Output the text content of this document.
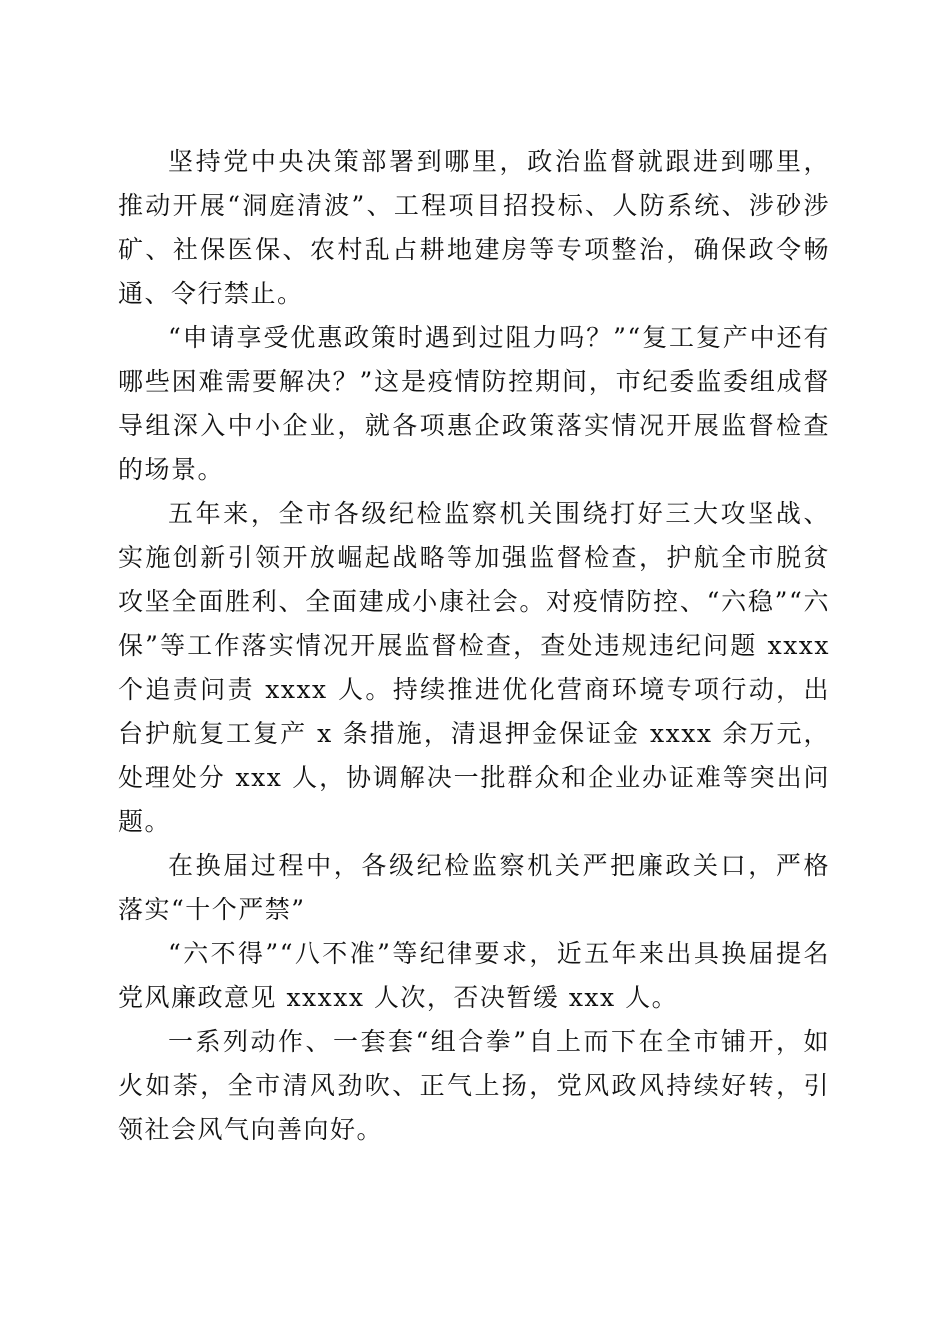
坚持党中央决策部署到哪里，政治监督就跟进到哪里，推动开展“洞庭清波”、工程项目招投标、人防系统、涉砂涉矿、社保医保、农村乱占耕地建房等专项整治，确保政令畅通、令行禁止。

“申请享受优惠政策时遇到过阻力吗？”“复工复产中还有哪些困难需要解决？”这是疫情防控期间，市纪委监委组成督导组深入中小企业，就各项惠企政策落实情况开展监督检查的场景。

五年来，全市各级纪检监察机关围绕打好三大攻坚战、实施创新引领开放崛起战略等加强监督检查，护航全市脱贫攻坚全面胜利、全面建成小康社会。对疫情防控、“六稳”“六保”等工作落实情况开展监督检查，查处违规违纪问题 xxxx 个追责问责 xxxx 人。持续推进优化营商环境专项行动，出台护航复工复产 x 条措施，清退押金保证金 xxxx 余万元，处理处分 xxx 人，协调解决一批群众和企业办证难等突出问题。

在换届过程中，各级纪检监察机关严把廉政关口，严格落实“十个严禁”

“六不得”“八不准”等纪律要求，近五年来出具换届提名党风廉政意见 xxxxx 人次，否决暂缓 xxx 人。

一系列动作、一套套“组合拳”自上而下在全市铺开，如火如荼，全市清风劲吹、正气上扬，党风政风持续好转，引领社会风气向善向好。
